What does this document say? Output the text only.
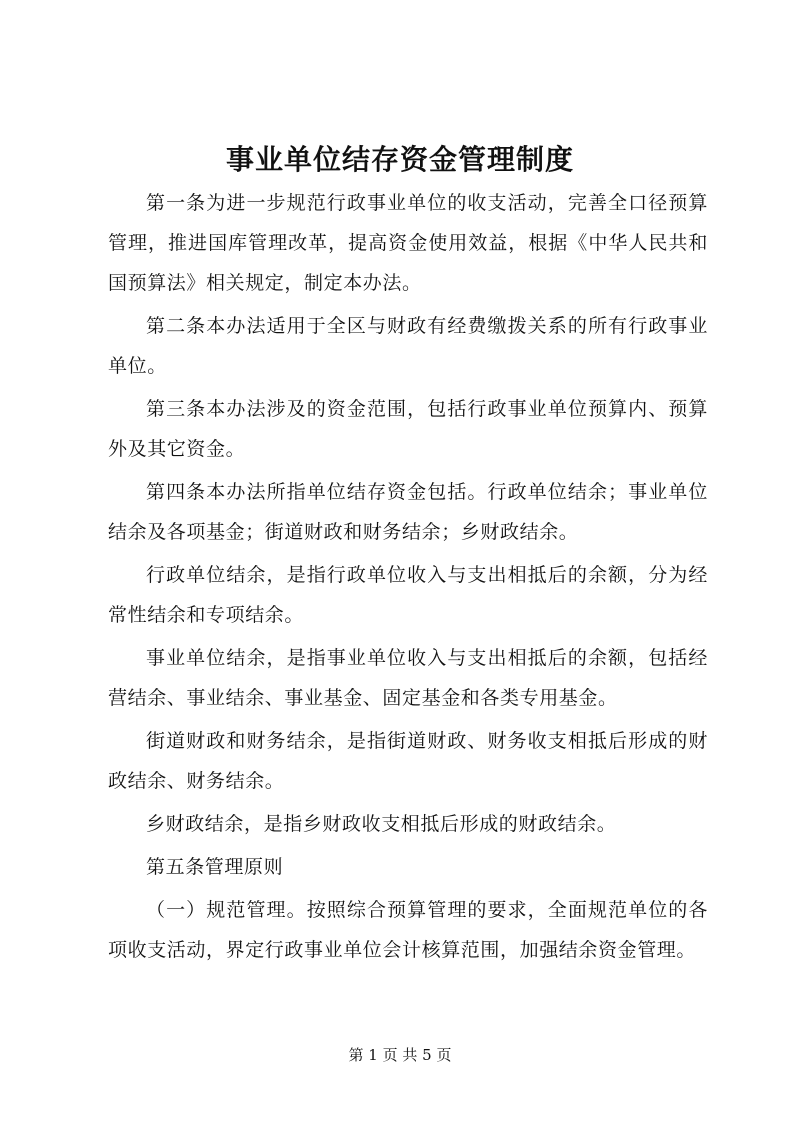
事业单位结存资金管理制度

第一条为进一步规范行政事业单位的收支活动，完善全口径预算管理，推进国库管理改革，提高资金使用效益，根据《中华人民共和国预算法》相关规定，制定本办法。

第二条本办法适用于全区与财政有经费缴拨关系的所有行政事业单位。

第三条本办法涉及的资金范围，包括行政事业单位预算内、预算外及其它资金。

第四条本办法所指单位结存资金包括。行政单位结余；事业单位结余及各项基金；街道财政和财务结余；乡财政结余。

行政单位结余，是指行政单位收入与支出相抵后的余额，分为经常性结余和专项结余。

事业单位结余，是指事业单位收入与支出相抵后的余额，包括经营结余、事业结余、事业基金、固定基金和各类专用基金。

街道财政和财务结余，是指街道财政、财务收支相抵后形成的财政结余、财务结余。

乡财政结余，是指乡财政收支相抵后形成的财政结余。

第五条管理原则

（一）规范管理。按照综合预算管理的要求，全面规范单位的各项收支活动，界定行政事业单位会计核算范围，加强结余资金管理。

第 1 页 共 5 页
